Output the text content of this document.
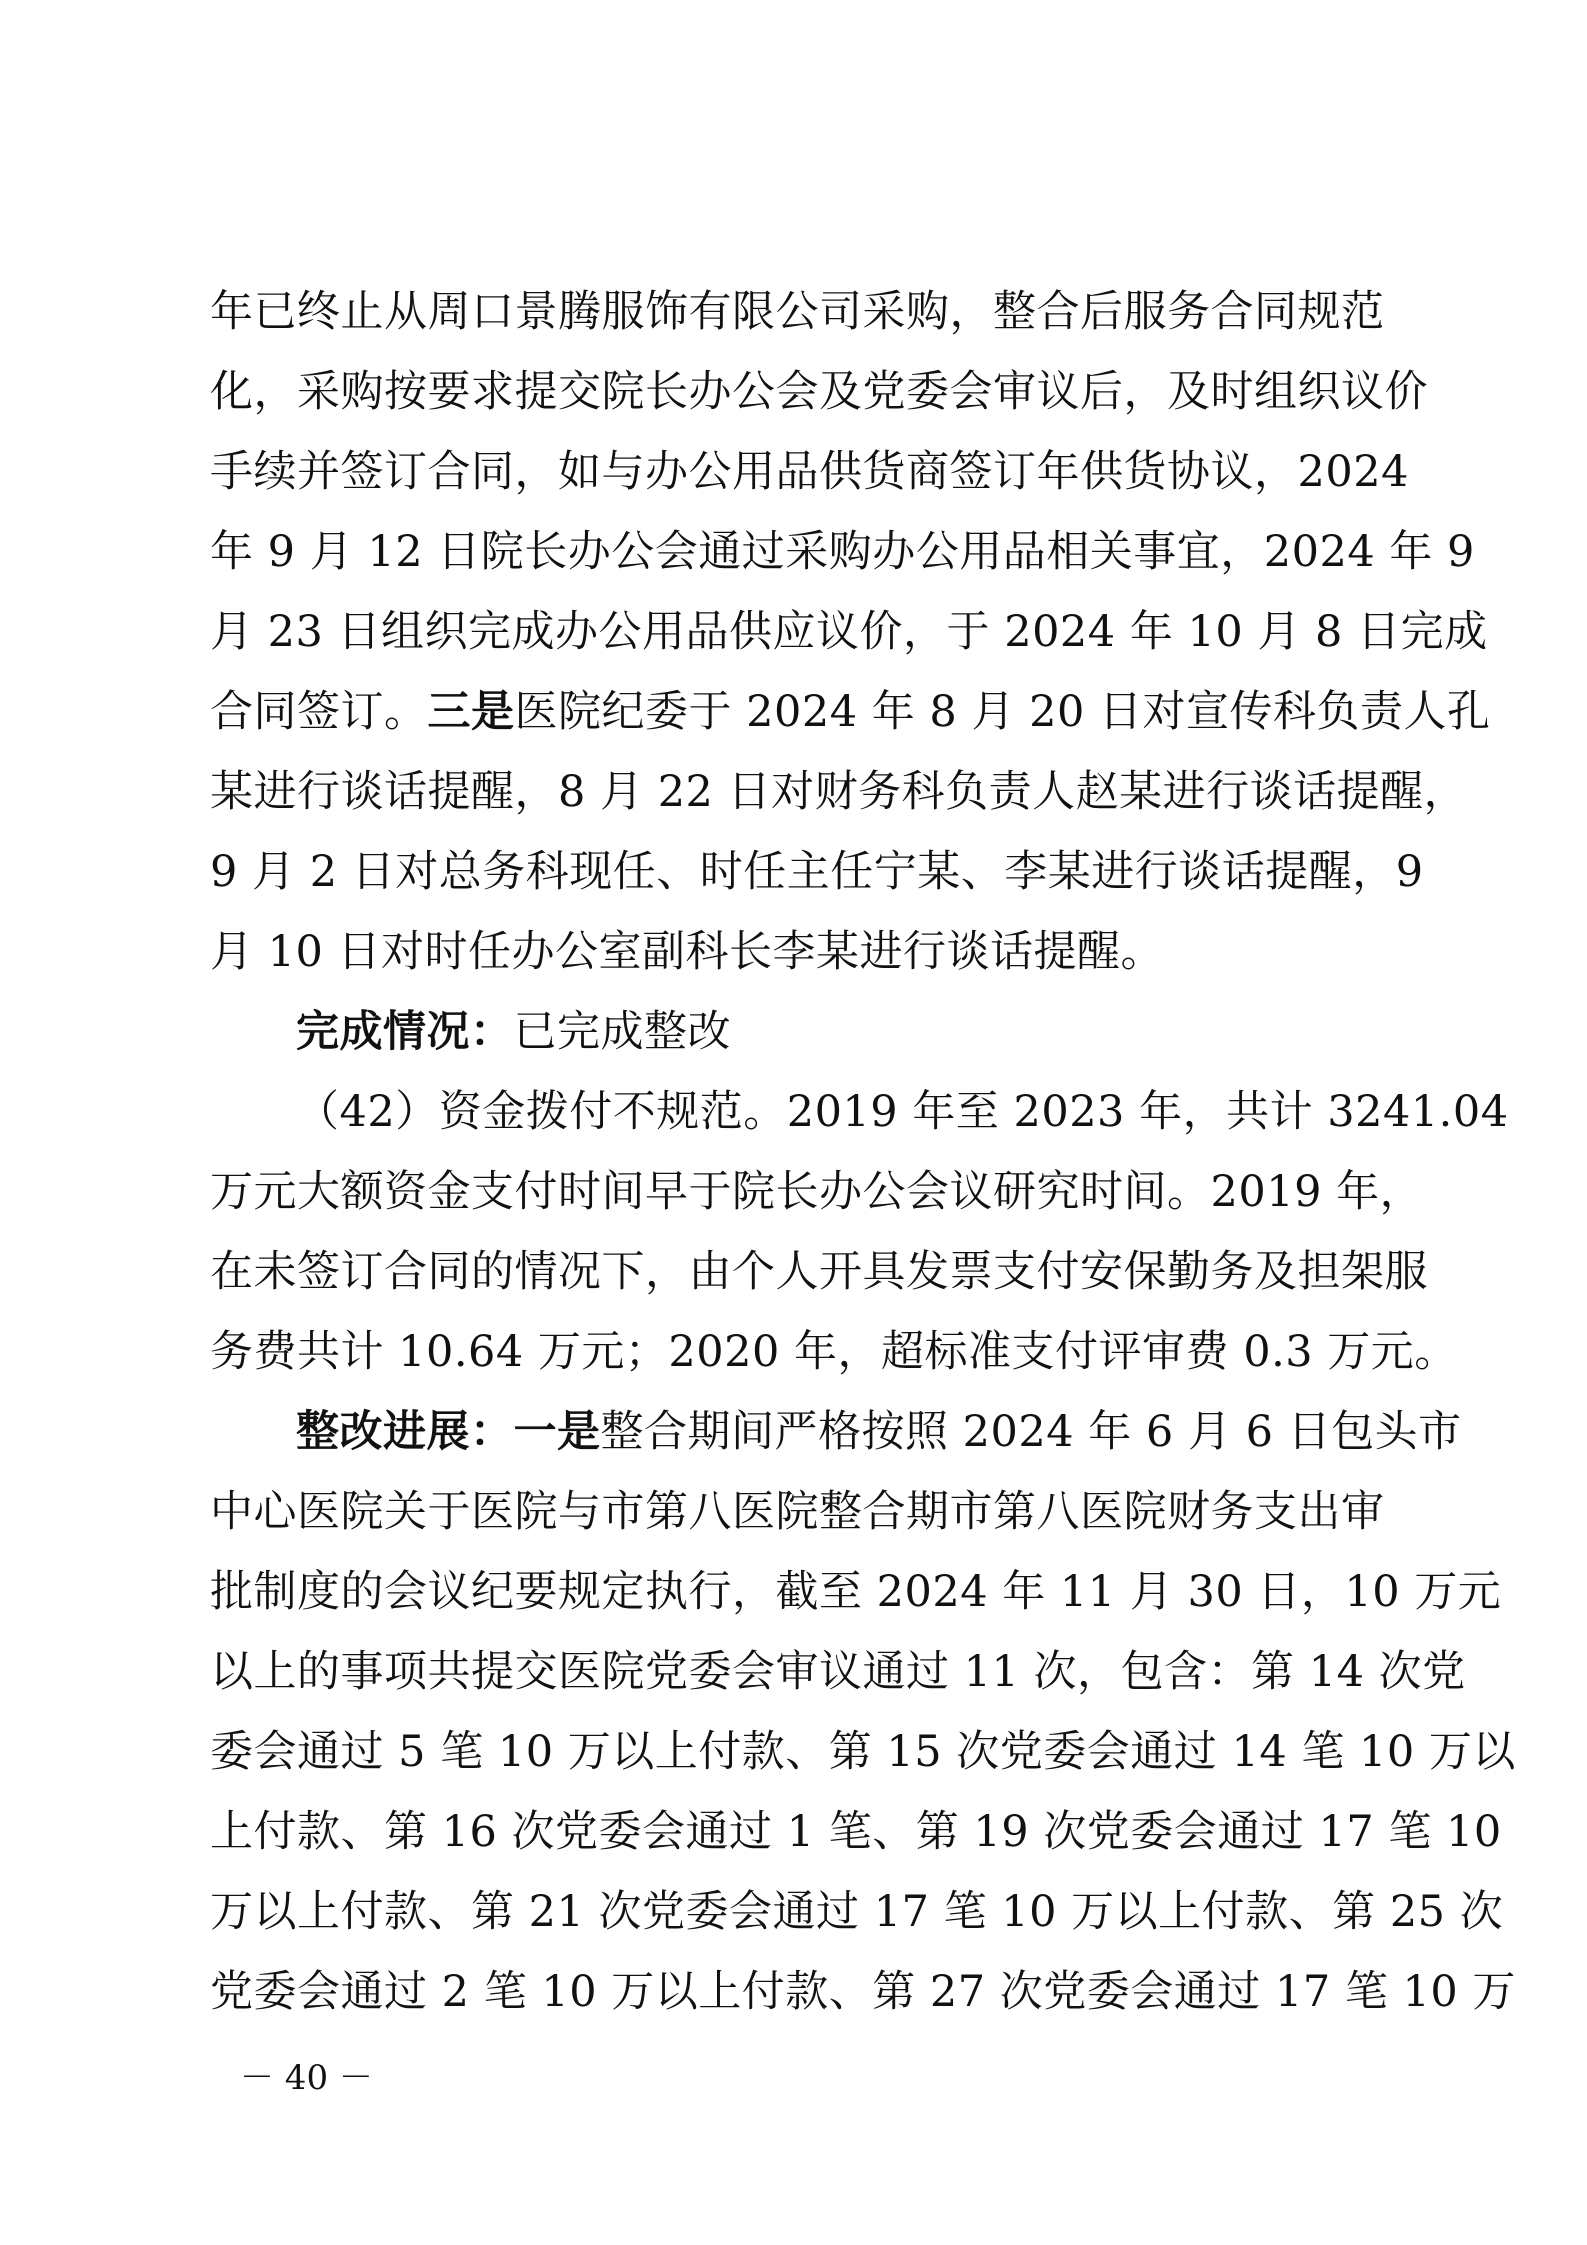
年已终止从周口景腾服饰有限公司采购，整合后服务合同规范
化，采购按要求提交院长办公会及党委会审议后，及时组织议价
手续并签订合同，如与办公用品供货商签订年供货协议，2024
年 9 月 12 日院长办公会通过采购办公用品相关事宜，2024 年 9
月 23 日组织完成办公用品供应议价，于 2024 年 10 月 8 日完成
合同签订。三是医院纪委于 2024 年 8 月 20 日对宣传科负责人孔
某进行谈话提醒，8 月 22 日对财务科负责人赵某进行谈话提醒，
9 月 2 日对总务科现任、时任主任宁某、李某进行谈话提醒，9
月 10 日对时任办公室副科长李某进行谈话提醒。
完成情况：已完成整改
（42）资金拨付不规范。2019 年至 2023 年，共计 3241.04
万元大额资金支付时间早于院长办公会议研究时间。2019 年，
在未签订合同的情况下，由个人开具发票支付安保勤务及担架服
务费共计 10.64 万元；2020 年，超标准支付评审费 0.3 万元。
整改进展：一是整合期间严格按照 2024 年 6 月 6 日包头市
中心医院关于医院与市第八医院整合期市第八医院财务支出审
批制度的会议纪要规定执行，截至 2024 年 11 月 30 日，10 万元
以上的事项共提交医院党委会审议通过 11 次，包含：第 14 次党
委会通过 5 笔 10 万以上付款、第 15 次党委会通过 14 笔 10 万以
上付款、第 16 次党委会通过 1 笔、第 19 次党委会通过 17 笔 10
万以上付款、第 21 次党委会通过 17 笔 10 万以上付款、第 25 次
党委会通过 2 笔 10 万以上付款、第 27 次党委会通过 17 笔 10 万
－ 40 －
